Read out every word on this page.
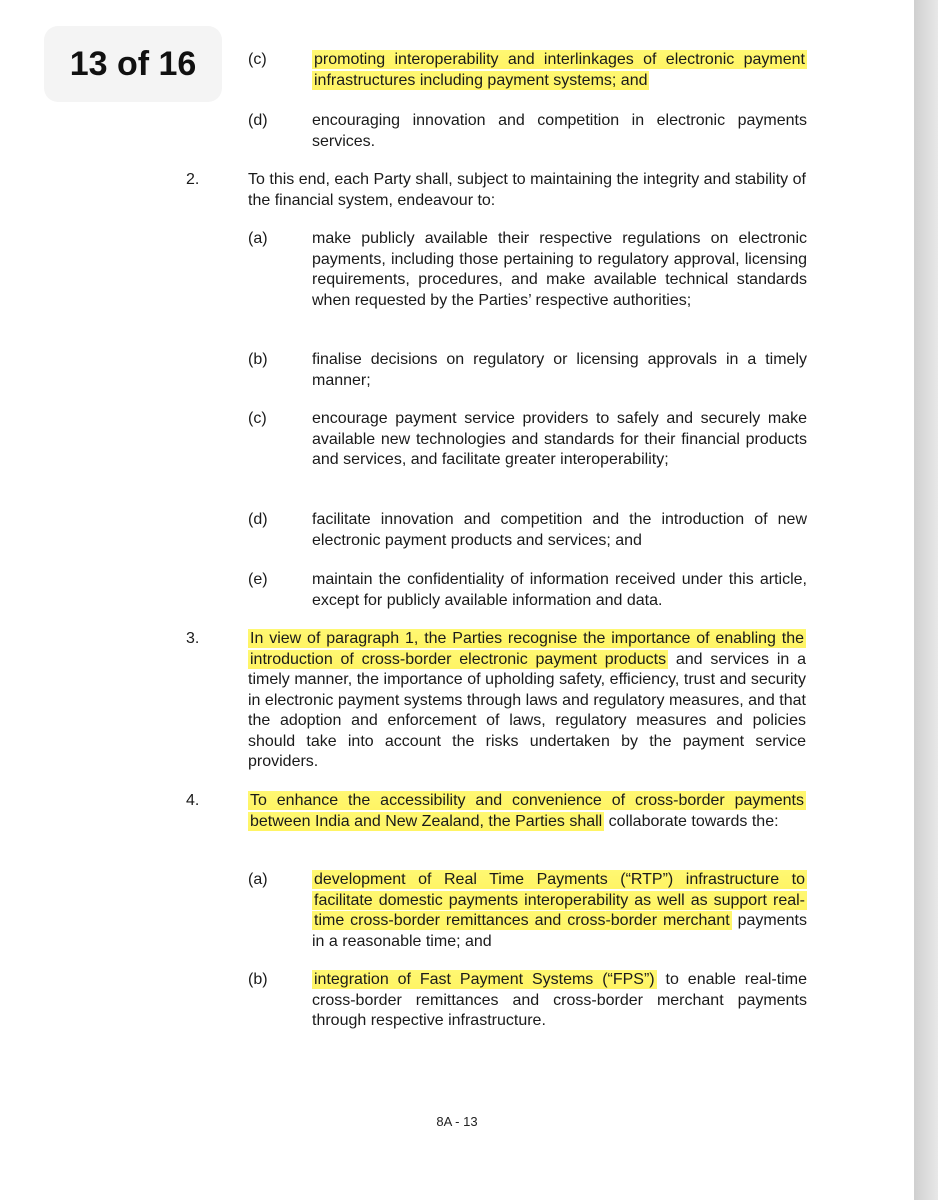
(c)	promoting interoperability and interlinkages of electronic payment infrastructures including payment systems; and
(d)	encouraging innovation and competition in electronic payments services.
2.	To this end, each Party shall, subject to maintaining the integrity and stability of the financial system, endeavour to:
(a)	make publicly available their respective regulations on electronic payments, including those pertaining to regulatory approval, licensing requirements, procedures, and make available technical standards when requested by the Parties’ respective authorities;
(b)	finalise decisions on regulatory or licensing approvals in a timely manner;
(c)	encourage payment service providers to safely and securely make available new technologies and standards for their financial products and services, and facilitate greater interoperability;
(d)	facilitate innovation and competition and the introduction of new electronic payment products and services; and
(e)	maintain the confidentiality of information received under this article, except for publicly available information and data.
3.	In view of paragraph 1, the Parties recognise the importance of enabling the introduction of cross-border electronic payment products and services in a timely manner, the importance of upholding safety, efficiency, trust and security in electronic payment systems through laws and regulatory measures, and that the adoption and enforcement of laws, regulatory measures and policies should take into account the risks undertaken by the payment service providers.
4.	To enhance the accessibility and convenience of cross-border payments between India and New Zealand, the Parties shall collaborate towards the:
(a)	development of Real Time Payments (“RTP”) infrastructure to facilitate domestic payments interoperability as well as support real-time cross-border remittances and cross-border merchant payments in a reasonable time; and
(b)	integration of Fast Payment Systems (“FPS”) to enable real-time cross-border remittances and cross-border merchant payments through respective infrastructure.
8A - 13
13 of 16
